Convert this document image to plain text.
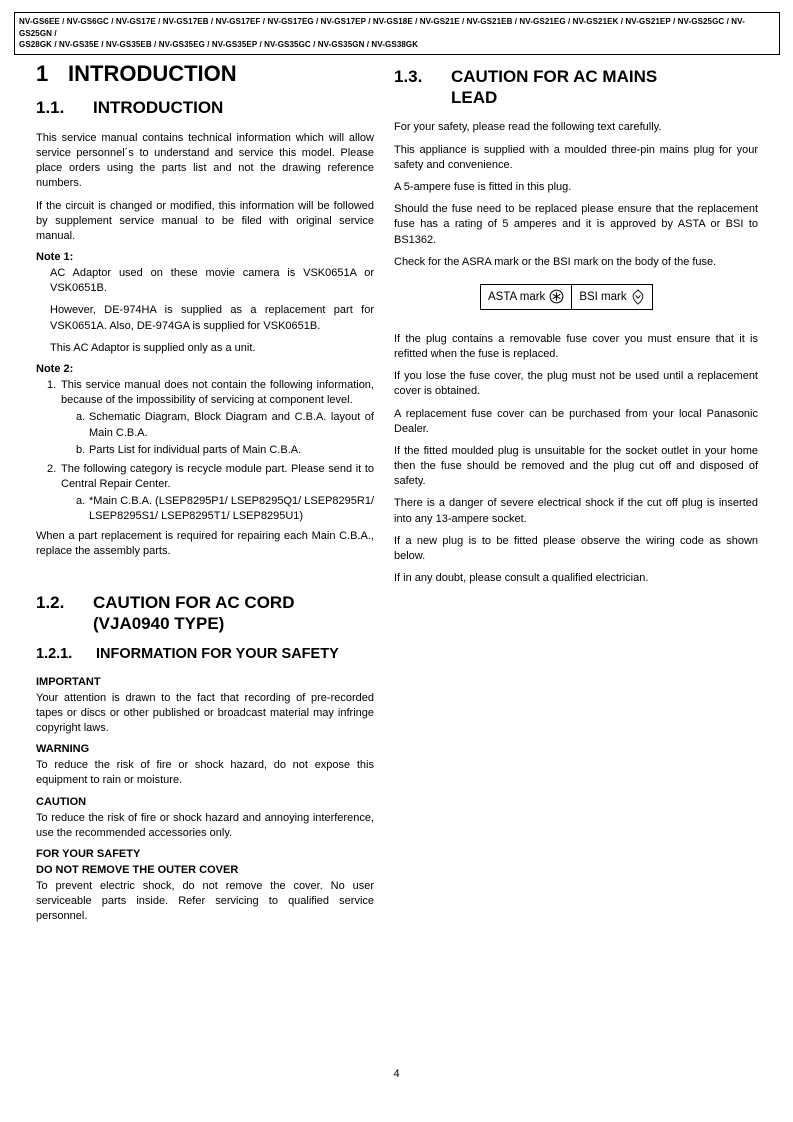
NV-GS6EE / NV-GS6GC / NV-GS17E / NV-GS17EB / NV-GS17EF / NV-GS17EG / NV-GS17EP / NV-GS18E / NV-GS21E / NV-GS21EB / NV-GS21EG / NV-GS21EK / NV-GS21EP / NV-GS25GC / NV-GS25GN /
GS28GK / NV-GS35E / NV-GS35EB / NV-GS35EG / NV-GS35EP / NV-GS35GC / NV-GS35GN / NV-GS38GK
1 INTRODUCTION
1.1.	INTRODUCTION

This service manual contains technical information which will allow service personnel´s to understand and service this model. Please place orders using the parts list and not the drawing reference numbers.

If the circuit is changed or modified, this information will be followed by supplement service manual to be filed with original service manual.

Note 1:

AC Adaptor used on these movie camera is VSK0651A or VSK0651B.

However, DE-974HA is supplied as a replacement part for VSK0651A. Also, DE-974GA is supplied for VSK0651B.

This AC Adaptor is supplied only as a unit.

Note 2:
1. This service manual does not contain the following information, because of the impossibility of servicing at component level.

a. Schematic Diagram, Block Diagram and C.B.A. layout of Main C.B.A.

b. Parts List for individual parts of Main C.B.A.

2. The following category is recycle module part. Please send it to Central Repair Center.

a. *Main C.B.A. (LSEP8295P1/ LSEP8295Q1/ LSEP8295R1/ LSEP8295S1/ LSEP8295T1/ LSEP8295U1)

When a part replacement is required for repairing each Main C.B.A., replace the assembly parts.

1.2.	CAUTION FOR AC CORD (VJA0940 TYPE)
1.2.1.	INFORMATION FOR YOUR SAFETY
IMPORTANT

Your attention is drawn to the fact that recording of pre-recorded tapes or discs or other published or broadcast material may infringe copyright laws.

WARNING

To reduce the risk of fire or shock hazard, do not expose this equipment to rain or moisture.

CAUTION

To reduce the risk of fire or shock hazard and annoying interference, use the recommended accessories only.

FOR YOUR SAFETY
DO NOT REMOVE THE OUTER COVER

To prevent electric shock, do not remove the cover. No user serviceable parts inside. Refer servicing to qualified service personnel.

1.3.	CAUTION FOR AC MAINS LEAD

For your safety, please read the following text carefully.

This appliance is supplied with a moulded three-pin mains plug for your safety and convenience.

A 5-ampere fuse is fitted in this plug.

Should the fuse need to be replaced please ensure that the replacement fuse has a rating of 5 amperes and it is approved by ASTA or BSI to BS1362.

Check for the ASRA mark or the BSI mark on the body of the fuse.

ASTA mark	BSI mark

If the plug contains a removable fuse cover you must ensure that it is refitted when the fuse is replaced.

If you lose the fuse cover, the plug must not be used until a replacement cover is obtained.

A replacement fuse cover can be purchased from your local Panasonic Dealer.

If the fitted moulded plug is unsuitable for the socket outlet in your home then the fuse should be removed and the plug cut off and disposed of safety.

There is a danger of severe electrical shock if the cut off plug is inserted into any 13-ampere socket.

If a new plug is to be fitted please observe the wiring code as shown below.

If in any doubt, please consult a qualified electrician.

4
